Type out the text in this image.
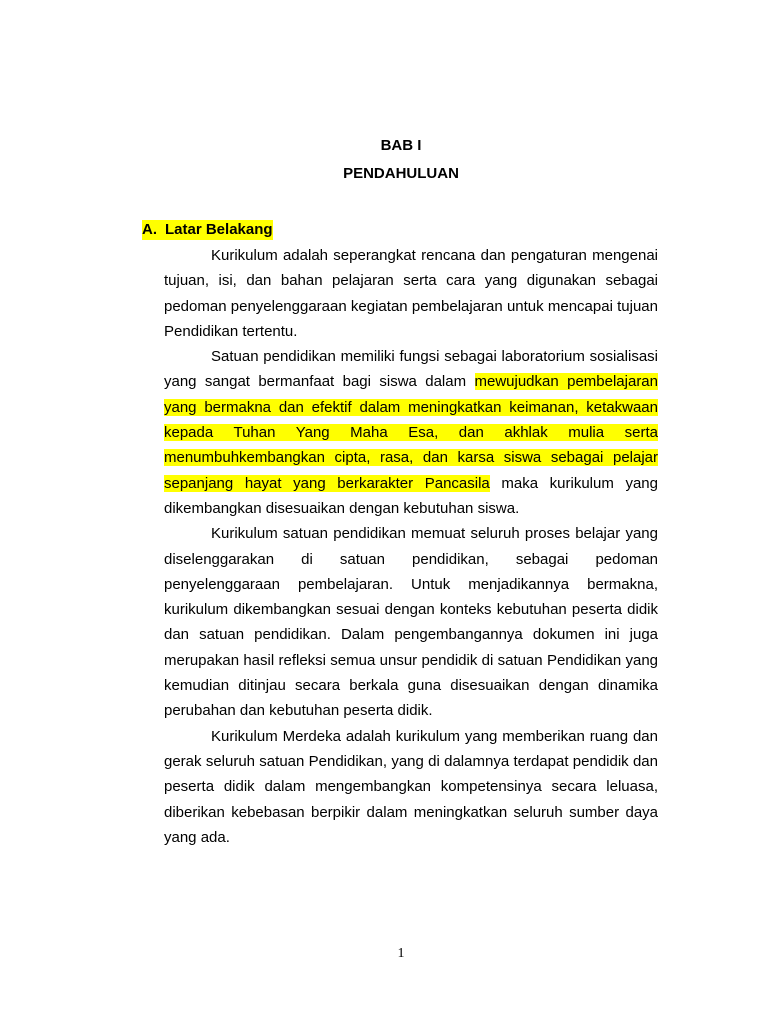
BAB I
PENDAHULUAN
A. Latar Belakang

Kurikulum adalah seperangkat rencana dan pengaturan mengenai tujuan, isi, dan bahan pelajaran serta cara yang digunakan sebagai pedoman penyelenggaraan kegiatan pembelajaran untuk mencapai tujuan Pendidikan tertentu.

Satuan pendidikan memiliki fungsi sebagai laboratorium sosialisasi yang sangat bermanfaat bagi siswa dalam mewujudkan pembelajaran yang bermakna dan efektif dalam meningkatkan keimanan, ketakwaan kepada Tuhan Yang Maha Esa, dan akhlak mulia serta menumbuhkembangkan cipta, rasa, dan karsa siswa sebagai pelajar sepanjang hayat yang berkarakter Pancasila maka kurikulum yang dikembangkan disesuaikan dengan kebutuhan siswa.

Kurikulum satuan pendidikan memuat seluruh proses belajar yang diselenggarakan di satuan pendidikan, sebagai pedoman penyelenggaraan pembelajaran. Untuk menjadikannya bermakna, kurikulum dikembangkan sesuai dengan konteks kebutuhan peserta didik dan satuan pendidikan. Dalam pengembangannya dokumen ini juga merupakan hasil refleksi semua unsur pendidik di satuan Pendidikan yang kemudian ditinjau secara berkala guna disesuaikan dengan dinamika perubahan dan kebutuhan peserta didik.

Kurikulum Merdeka adalah kurikulum yang memberikan ruang dan gerak seluruh satuan Pendidikan, yang di dalamnya terdapat pendidik dan peserta didik dalam mengembangkan kompetensinya secara leluasa, diberikan kebebasan berpikir dalam meningkatkan seluruh sumber daya yang ada.

1
